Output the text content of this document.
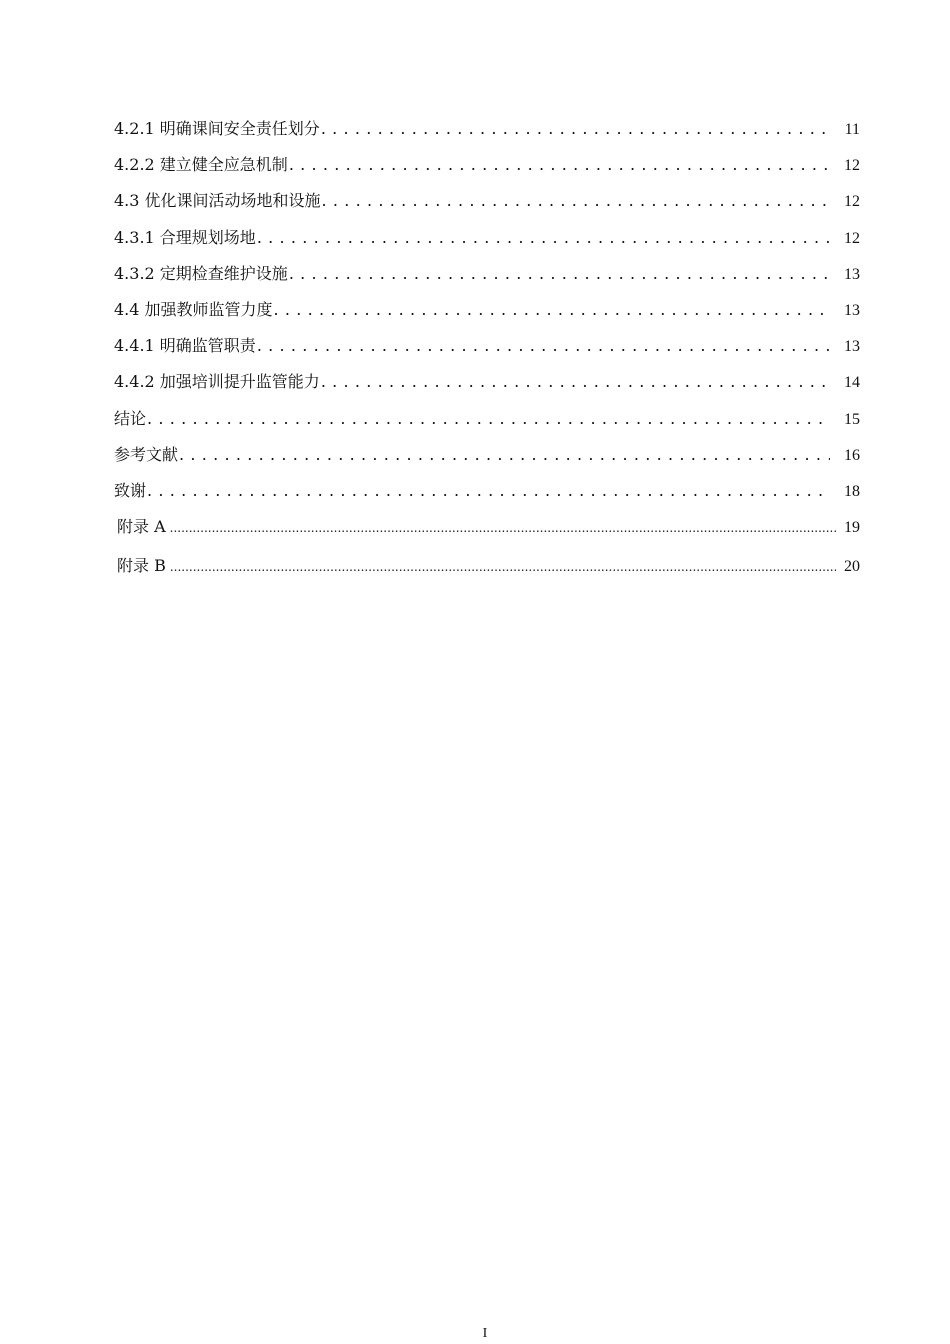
4.2.1 明确课间安全责任划分 . . .	11
4.2.2 建立健全应急机制 . . .	12
4.3 优化课间活动场地和设施 . . .	12
4.3.1 合理规划场地 . . .	12
4.3.2 定期检查维护设施 . . .	13
4.4 加强教师监管力度 . . .	13
4.4.1 明确监管职责 . . .	13
4.4.2 加强培训提升监管能力 . . .	14
结论 . . .	15
参考文献 . . .	16
致谢 . . .	18
附录 A .....	19
附录 B .....	20
I
